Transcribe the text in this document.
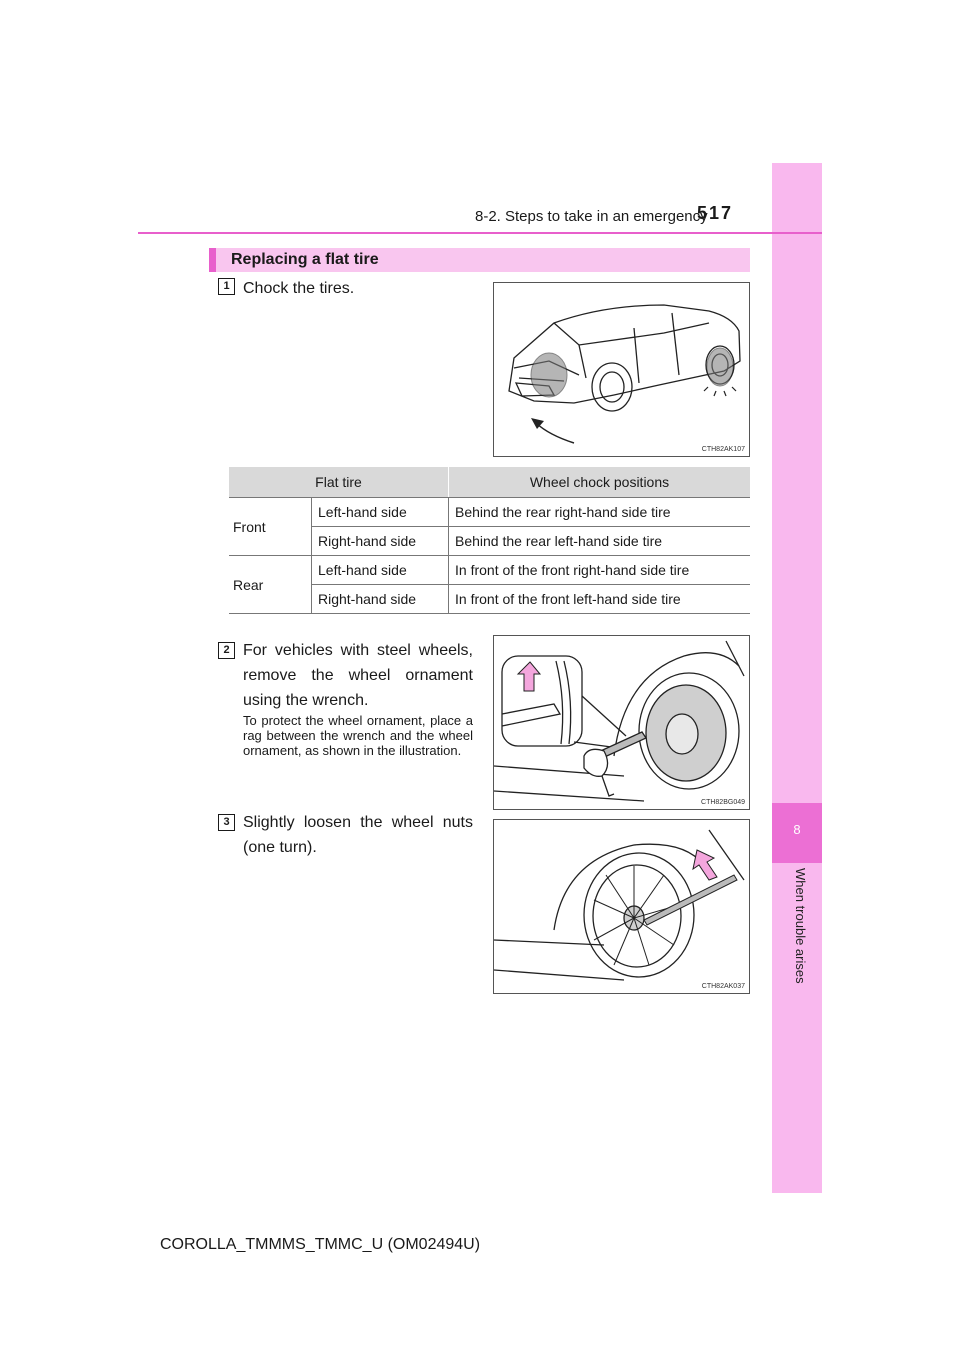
8
When trouble arises
8-2. Steps to take in an emergency
517
Replacing a flat tire
1 Chock the tires.
CTH82AK107
Flat tire		Wheel chock positions
Front	Left-hand side	Behind the rear right-hand side tire
	Right-hand side	Behind the rear left-hand side tire
Rear	Left-hand side	In front of the front right-hand side tire
	Right-hand side	In front of the front left-hand side tire
2 For vehicles with steel wheels, remove the wheel ornament using the wrench.
To protect the wheel ornament, place a rag between the wrench and the wheel ornament, as shown in the illustration.
CTH82BG049
3 Slightly loosen the wheel nuts (one turn).
CTH82AK037
COROLLA_TMMMS_TMMC_U (OM02494U)
